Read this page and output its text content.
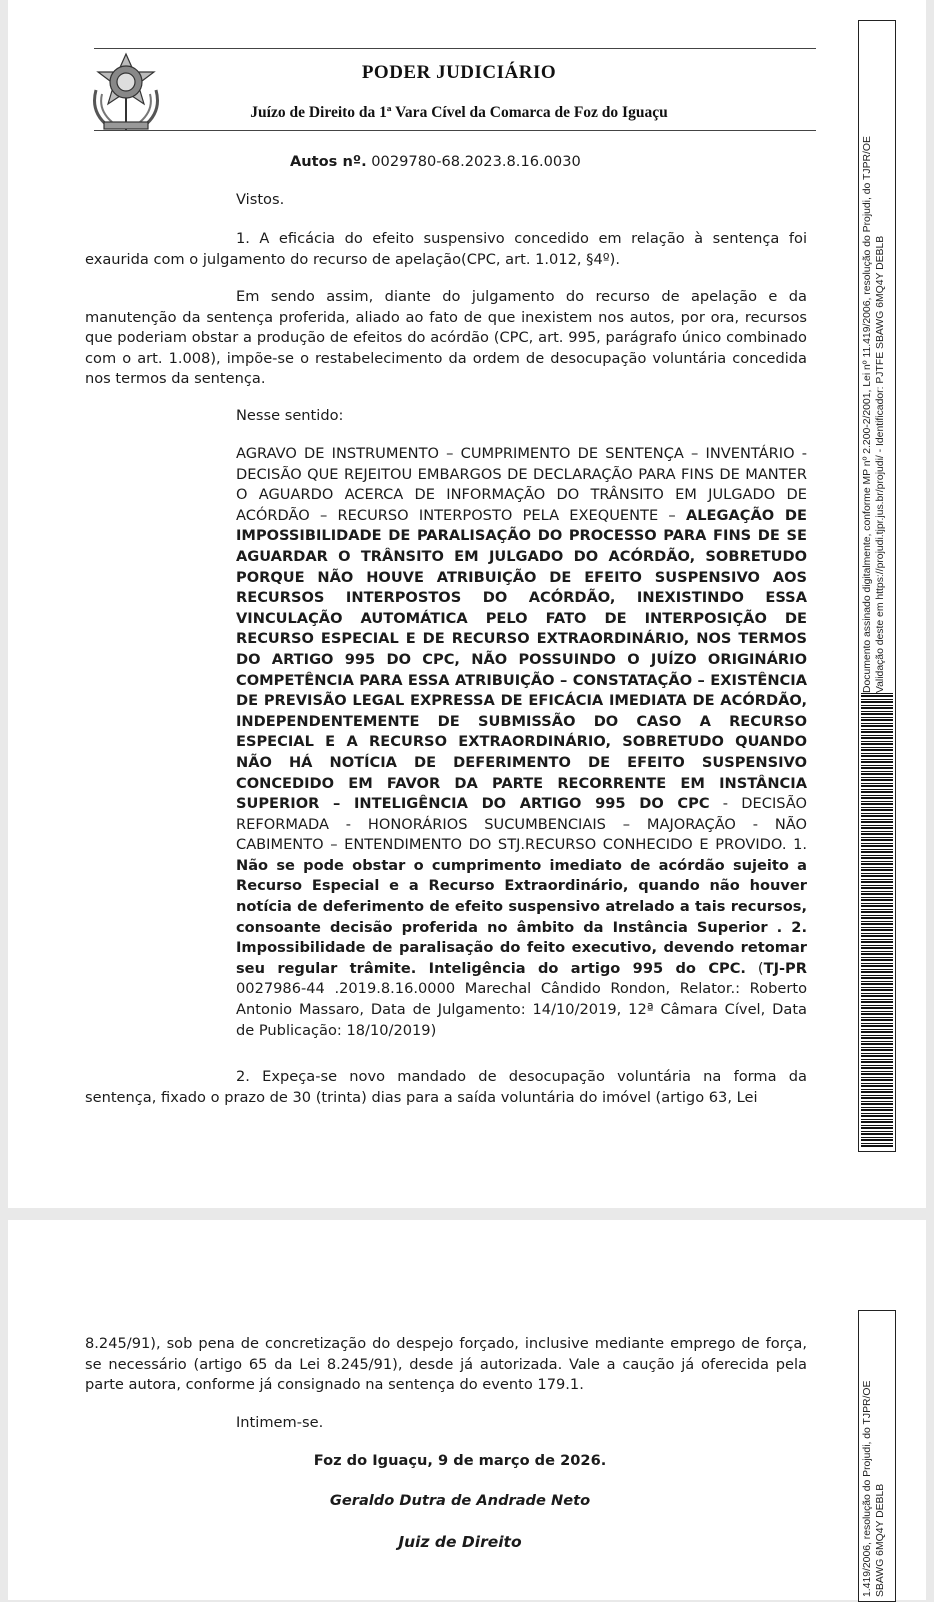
PODER JUDICIÁRIO
Juízo de Direito da 1ª Vara Cível da Comarca de Foz do Iguaçu

Autos nº. 0029780-68.2023.8.16.0030

Vistos.

1. A eficácia do efeito suspensivo concedido em relação à sentença foi exaurida com o julgamento do recurso de apelação(CPC, art. 1.012, §4º).

Em sendo assim, diante do julgamento do recurso de apelação e da manutenção da sentença proferida, aliado ao fato de que inexistem nos autos, por ora, recursos que poderiam obstar a produção de efeitos do acórdão (CPC, art. 995, parágrafo único combinado com o art. 1.008), impõe-se o restabelecimento da ordem de desocupação voluntária concedida nos termos da sentença.

Nesse sentido:

AGRAVO DE INSTRUMENTO – CUMPRIMENTO DE SENTENÇA – INVENTÁRIO - DECISÃO QUE REJEITOU EMBARGOS DE DECLARAÇÃO PARA FINS DE MANTER O AGUARDO ACERCA DE INFORMAÇÃO DO TRÂNSITO EM JULGADO DE ACÓRDÃO – RECURSO INTERPOSTO PELA EXEQUENTE – ALEGAÇÃO DE IMPOSSIBILIDADE DE PARALISAÇÃO DO PROCESSO PARA FINS DE SE AGUARDAR O TRÂNSITO EM JULGADO DO ACÓRDÃO, SOBRETUDO PORQUE NÃO HOUVE ATRIBUIÇÃO DE EFEITO SUSPENSIVO AOS RECURSOS INTERPOSTOS DO ACÓRDÃO, INEXISTINDO ESSA VINCULAÇÃO AUTOMÁTICA PELO FATO DE INTERPOSIÇÃO DE RECURSO ESPECIAL E DE RECURSO EXTRAORDINÁRIO, NOS TERMOS DO ARTIGO 995 DO CPC, NÃO POSSUINDO O JUÍZO ORIGINÁRIO COMPETÊNCIA PARA ESSA ATRIBUIÇÃO – CONSTATAÇÃO – EXISTÊNCIA DE PREVISÃO LEGAL EXPRESSA DE EFICÁCIA IMEDIATA DE ACÓRDÃO, INDEPENDENTEMENTE DE SUBMISSÃO DO CASO A RECURSO ESPECIAL E A RECURSO EXTRAORDINÁRIO, SOBRETUDO QUANDO NÃO HÁ NOTÍCIA DE DEFERIMENTO DE EFEITO SUSPENSIVO CONCEDIDO EM FAVOR DA PARTE RECORRENTE EM INSTÂNCIA SUPERIOR – INTELIGÊNCIA DO ARTIGO 995 DO CPC - DECISÃO REFORMADA - HONORÁRIOS SUCUMBENCIAIS – MAJORAÇÃO - NÃO CABIMENTO – ENTENDIMENTO DO STJ.RECURSO CONHECIDO E PROVIDO. 1. Não se pode obstar o cumprimento imediato de acórdão sujeito a Recurso Especial e a Recurso Extraordinário, quando não houver notícia de deferimento de efeito suspensivo atrelado a tais recursos, consoante decisão proferida no âmbito da Instância Superior . 2. Impossibilidade de paralisação do feito executivo, devendo retomar seu regular trâmite. Inteligência do artigo 995 do CPC. (TJ-PR 0027986-44 .2019.8.16.0000 Marechal Cândido Rondon, Relator.: Roberto Antonio Massaro, Data de Julgamento: 14/10/2019, 12ª Câmara Cível, Data de Publicação: 18/10/2019)

2. Expeça-se novo mandado de desocupação voluntária na forma da sentença, fixado o prazo de 30 (trinta) dias para a saída voluntária do imóvel (artigo 63, Lei

Documento assinado digitalmente, conforme MP nº 2.200-2/2001, Lei nº 11.419/2006, resolução do Projudi, do TJPR/OE Validação deste em https://projudi.tjpr.jus.br/projudi/ - Identificador: PJTFE SBAWG 6MQ4Y DEBLB

8.245/91), sob pena de concretização do despejo forçado, inclusive mediante emprego de força, se necessário (artigo 65 da Lei 8.245/91), desde já autorizada. Vale a caução já oferecida pela parte autora, conforme já consignado na sentença do evento 179.1.

Intimem-se.

Foz do Iguaçu, 9 de março de 2026.

Geraldo Dutra de Andrade Neto

Juiz de Direito	1.419/2006, resolução do Projudi, do TJPR/OE SBAWG 6MQ4Y DEBLB
